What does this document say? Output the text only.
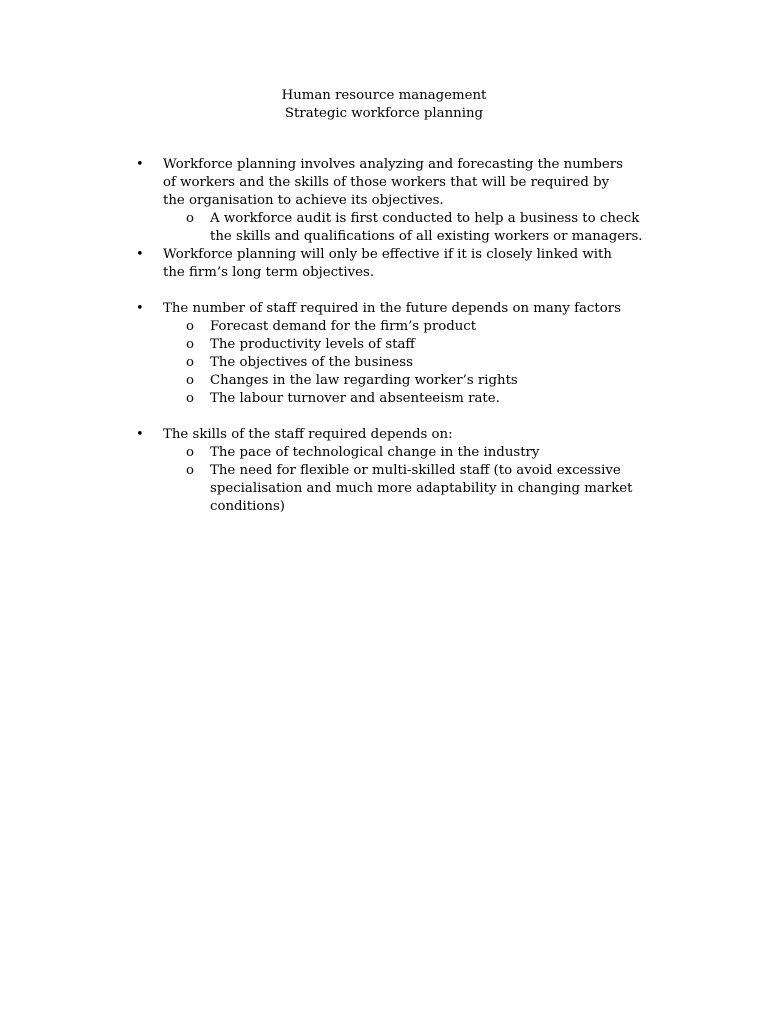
Human resource management
Strategic workforce planning
• Workforce planning involves analyzing and forecasting the numbers of workers and the skills of those workers that will be required by the organisation to achieve its objectives.
o A workforce audit is first conducted to help a business to check the skills and qualifications of all existing workers or managers.
• Workforce planning will only be effective if it is closely linked with the firm’s long term objectives.
• The number of staff required in the future depends on many factors
o Forecast demand for the firm’s product
o The productivity levels of staff
o The objectives of the business
o Changes in the law regarding worker’s rights
o The labour turnover and absenteeism rate.
• The skills of the staff required depends on:
o The pace of technological change in the industry
o The need for flexible or multi-skilled staff (to avoid excessive specialisation and much more adaptability in changing market conditions)
